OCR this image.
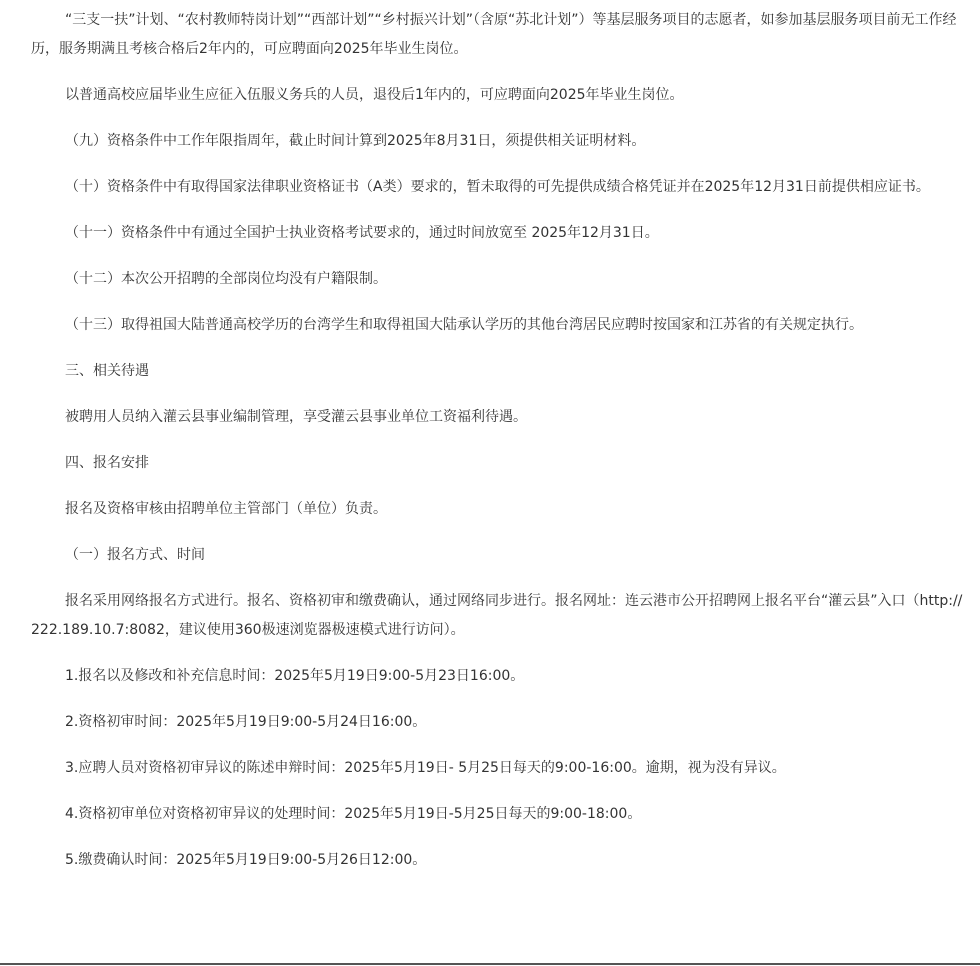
“三支一扶”计划、“农村教师特岗计划”“西部计划”“乡村振兴计划”（含原“苏北计划”）等基层服务项目的志愿者，如参加基层服务项目前无工作经历，服务期满且考核合格后2年内的，可应聘面向2025年毕业生岗位。

以普通高校应届毕业生应征入伍服义务兵的人员，退役后1年内的，可应聘面向2025年毕业生岗位。

（九）资格条件中工作年限指周年，截止时间计算到2025年8月31日，须提供相关证明材料。

（十）资格条件中有取得国家法律职业资格证书（A类）要求的，暂未取得的可先提供成绩合格凭证并在2025年12月31日前提供相应证书。

（十一）资格条件中有通过全国护士执业资格考试要求的，通过时间放宽至 2025年12月31日。

（十二）本次公开招聘的全部岗位均没有户籍限制。

（十三）取得祖国大陆普通高校学历的台湾学生和取得祖国大陆承认学历的其他台湾居民应聘时按国家和江苏省的有关规定执行。

三、相关待遇

被聘用人员纳入灌云县事业编制管理，享受灌云县事业单位工资福利待遇。

四、报名安排

报名及资格审核由招聘单位主管部门（单位）负责。

（一）报名方式、时间

报名采用网络报名方式进行。报名、资格初审和缴费确认，通过网络同步进行。报名网址：连云港市公开招聘网上报名平台“灌云县”入口（http://222.189.10.7:8082，建议使用360极速浏览器极速模式进行访问）。

1.报名以及修改和补充信息时间：2025年5月19日9:00-5月23日16:00。

2.资格初审时间：2025年5月19日9:00-5月24日16:00。

3.应聘人员对资格初审异议的陈述申辩时间：2025年5月19日- 5月25日每天的9:00-16:00。逾期，视为没有异议。

4.资格初审单位对资格初审异议的处理时间：2025年5月19日-5月25日每天的9:00-18:00。

5.缴费确认时间：2025年5月19日9:00-5月26日12:00。
